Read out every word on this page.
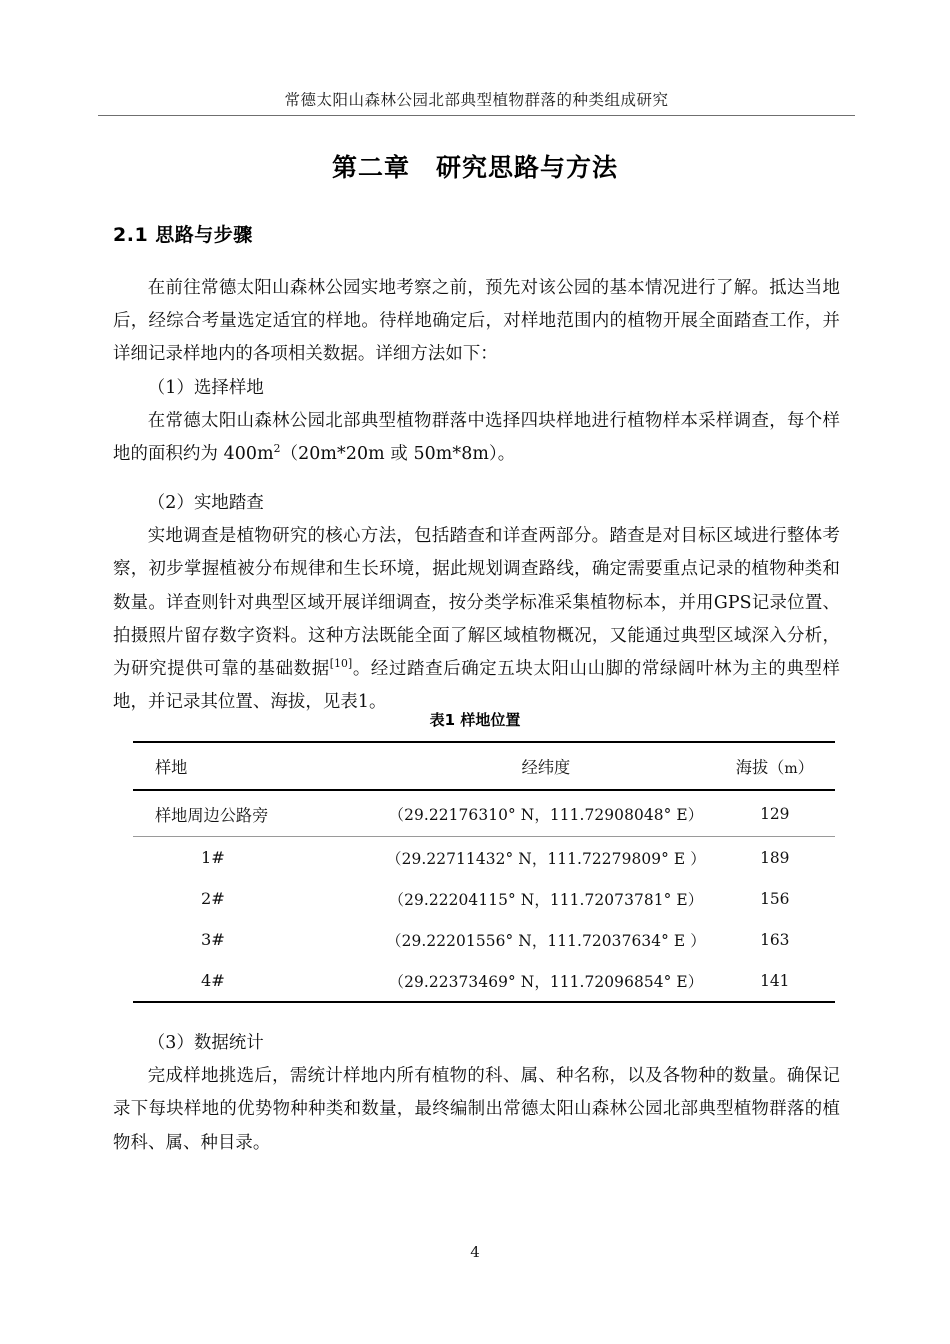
常德太阳山森林公园北部典型植物群落的种类组成研究
第二章　研究思路与方法
2.1 思路与步骤

在前往常德太阳山森林公园实地考察之前，预先对该公园的基本情况进行了解。抵达当地后，经综合考量选定适宜的样地。待样地确定后，对样地范围内的植物开展全面踏查工作，并详细记录样地内的各项相关数据。详细方法如下：

（1）选择样地

在常德太阳山森林公园北部典型植物群落中选择四块样地进行植物样本采样调查，每个样地的面积约为 $400m^2(20m*20m$ 或 50m*8m）。

（2）实地踏查

实地调查是植物研究的核心方法，包括踏查和详查两部分。踏查是对目标区域进行整体考察，初步掌握植被分布规律和生长环境，据此规划调查路线，确定需要重点记录的植物种类和数量。详查则针对典型区域开展详细调查，按分类学标准采集植物标本，并用GPS记录位置、拍摄照片留存数字资料。这种方法既能全面了解区域植物概况，又能通过典型区域深入分析，为研究提供可靠的基础数据[10]。经过踏查后确定五块太阳山山脚的常绿阔叶林为主的典型样地，并记录其位置、海拔，见表1。

表1 样地位置
样地	经纬度	海拔（m）
样地周边公路旁	（29.22176310° N，111.72908048° E）	129
1#	（29.22711432° N，111.72279809° E ）	189
2#	（29.22204115° N，111.72073781° E）	156
3#	（29.22201556° N，111.72037634° E ）	163
4#	（29.22373469° N，111.72096854° E）	141

（3）数据统计

完成样地挑选后，需统计样地内所有植物的科、属、种名称，以及各物种的数量。确保记录下每块样地的优势物种种类和数量，最终编制出常德太阳山森林公园北部典型植物群落的植物科、属、种目录。

4
